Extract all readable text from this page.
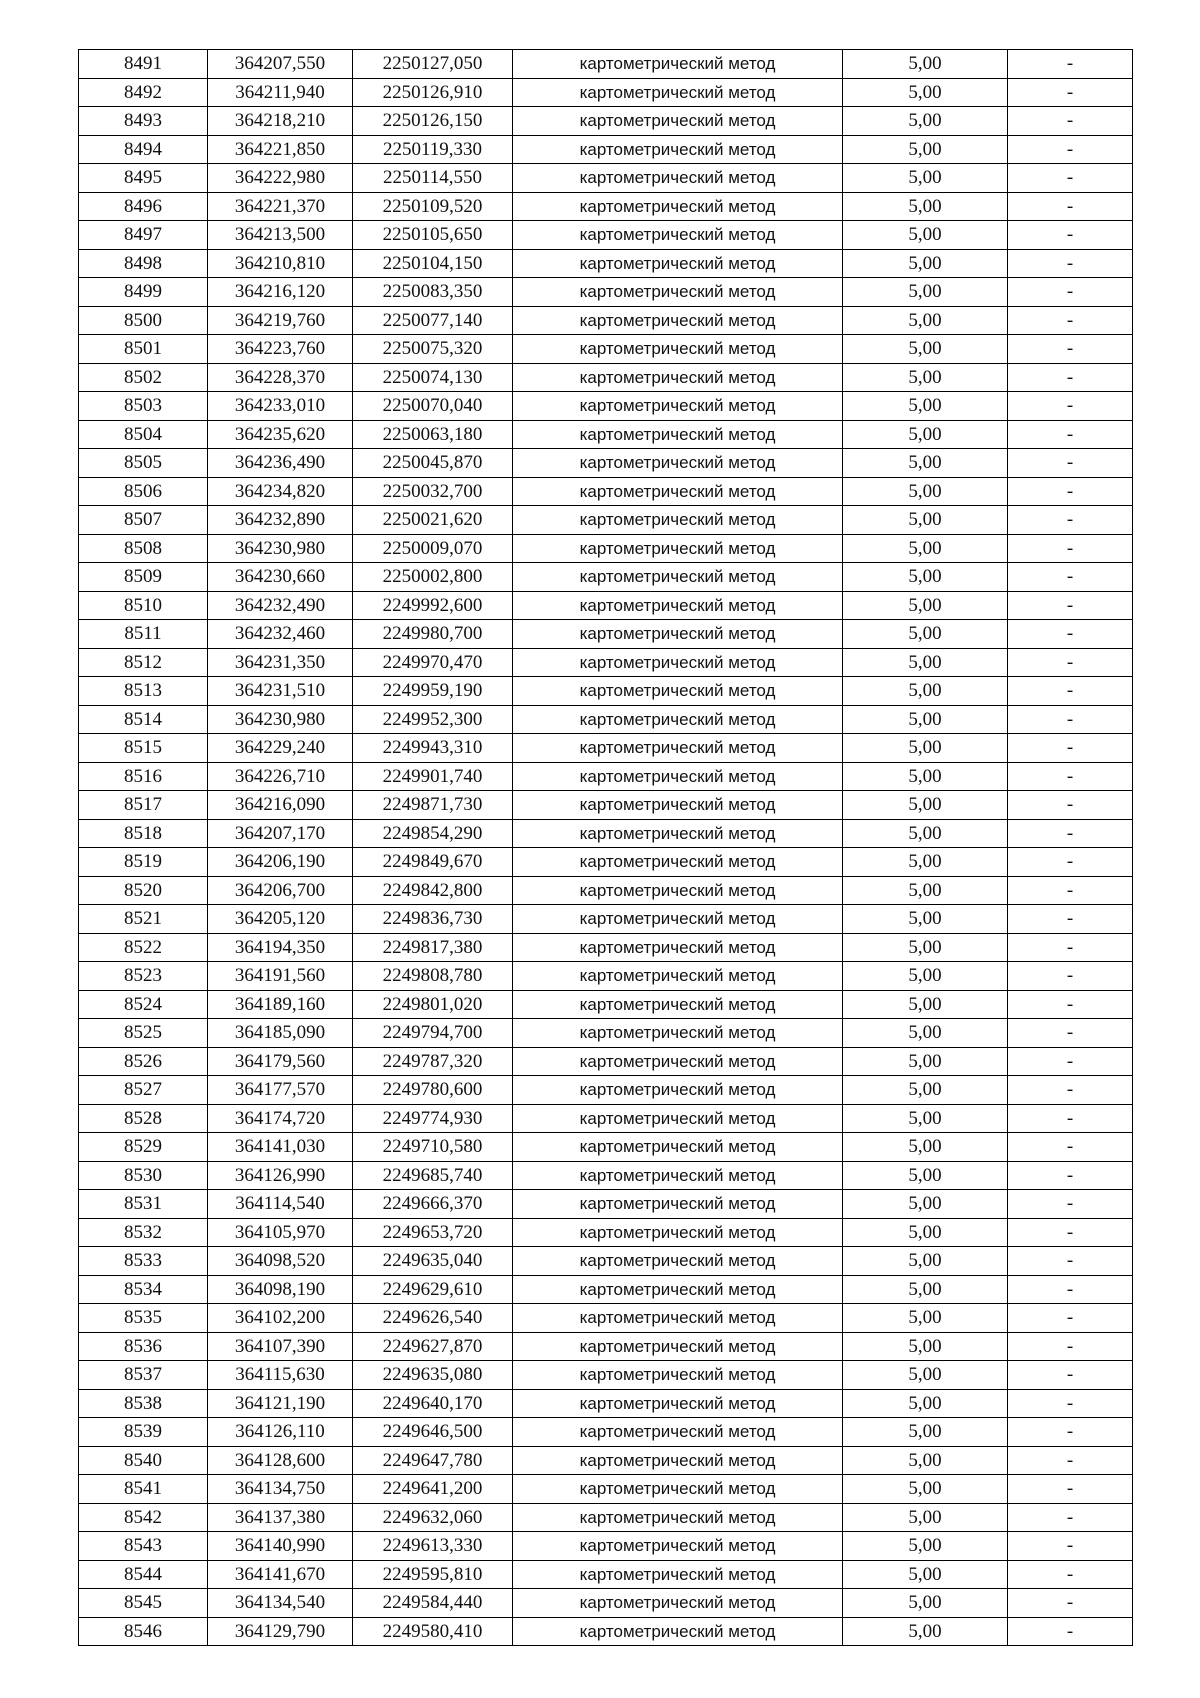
8491	364207,550	2250127,050	картометрический метод	5,00	-
8492	364211,940	2250126,910	картометрический метод	5,00	-
8493	364218,210	2250126,150	картометрический метод	5,00	-
8494	364221,850	2250119,330	картометрический метод	5,00	-
8495	364222,980	2250114,550	картометрический метод	5,00	-
8496	364221,370	2250109,520	картометрический метод	5,00	-
8497	364213,500	2250105,650	картометрический метод	5,00	-
8498	364210,810	2250104,150	картометрический метод	5,00	-
8499	364216,120	2250083,350	картометрический метод	5,00	-
8500	364219,760	2250077,140	картометрический метод	5,00	-
8501	364223,760	2250075,320	картометрический метод	5,00	-
8502	364228,370	2250074,130	картометрический метод	5,00	-
8503	364233,010	2250070,040	картометрический метод	5,00	-
8504	364235,620	2250063,180	картометрический метод	5,00	-
8505	364236,490	2250045,870	картометрический метод	5,00	-
8506	364234,820	2250032,700	картометрический метод	5,00	-
8507	364232,890	2250021,620	картометрический метод	5,00	-
8508	364230,980	2250009,070	картометрический метод	5,00	-
8509	364230,660	2250002,800	картометрический метод	5,00	-
8510	364232,490	2249992,600	картометрический метод	5,00	-
8511	364232,460	2249980,700	картометрический метод	5,00	-
8512	364231,350	2249970,470	картометрический метод	5,00	-
8513	364231,510	2249959,190	картометрический метод	5,00	-
8514	364230,980	2249952,300	картометрический метод	5,00	-
8515	364229,240	2249943,310	картометрический метод	5,00	-
8516	364226,710	2249901,740	картометрический метод	5,00	-
8517	364216,090	2249871,730	картометрический метод	5,00	-
8518	364207,170	2249854,290	картометрический метод	5,00	-
8519	364206,190	2249849,670	картометрический метод	5,00	-
8520	364206,700	2249842,800	картометрический метод	5,00	-
8521	364205,120	2249836,730	картометрический метод	5,00	-
8522	364194,350	2249817,380	картометрический метод	5,00	-
8523	364191,560	2249808,780	картометрический метод	5,00	-
8524	364189,160	2249801,020	картометрический метод	5,00	-
8525	364185,090	2249794,700	картометрический метод	5,00	-
8526	364179,560	2249787,320	картометрический метод	5,00	-
8527	364177,570	2249780,600	картометрический метод	5,00	-
8528	364174,720	2249774,930	картометрический метод	5,00	-
8529	364141,030	2249710,580	картометрический метод	5,00	-
8530	364126,990	2249685,740	картометрический метод	5,00	-
8531	364114,540	2249666,370	картометрический метод	5,00	-
8532	364105,970	2249653,720	картометрический метод	5,00	-
8533	364098,520	2249635,040	картометрический метод	5,00	-
8534	364098,190	2249629,610	картометрический метод	5,00	-
8535	364102,200	2249626,540	картометрический метод	5,00	-
8536	364107,390	2249627,870	картометрический метод	5,00	-
8537	364115,630	2249635,080	картометрический метод	5,00	-
8538	364121,190	2249640,170	картометрический метод	5,00	-
8539	364126,110	2249646,500	картометрический метод	5,00	-
8540	364128,600	2249647,780	картометрический метод	5,00	-
8541	364134,750	2249641,200	картометрический метод	5,00	-
8542	364137,380	2249632,060	картометрический метод	5,00	-
8543	364140,990	2249613,330	картометрический метод	5,00	-
8544	364141,670	2249595,810	картометрический метод	5,00	-
8545	364134,540	2249584,440	картометрический метод	5,00	-
8546	364129,790	2249580,410	картометрический метод	5,00	-
